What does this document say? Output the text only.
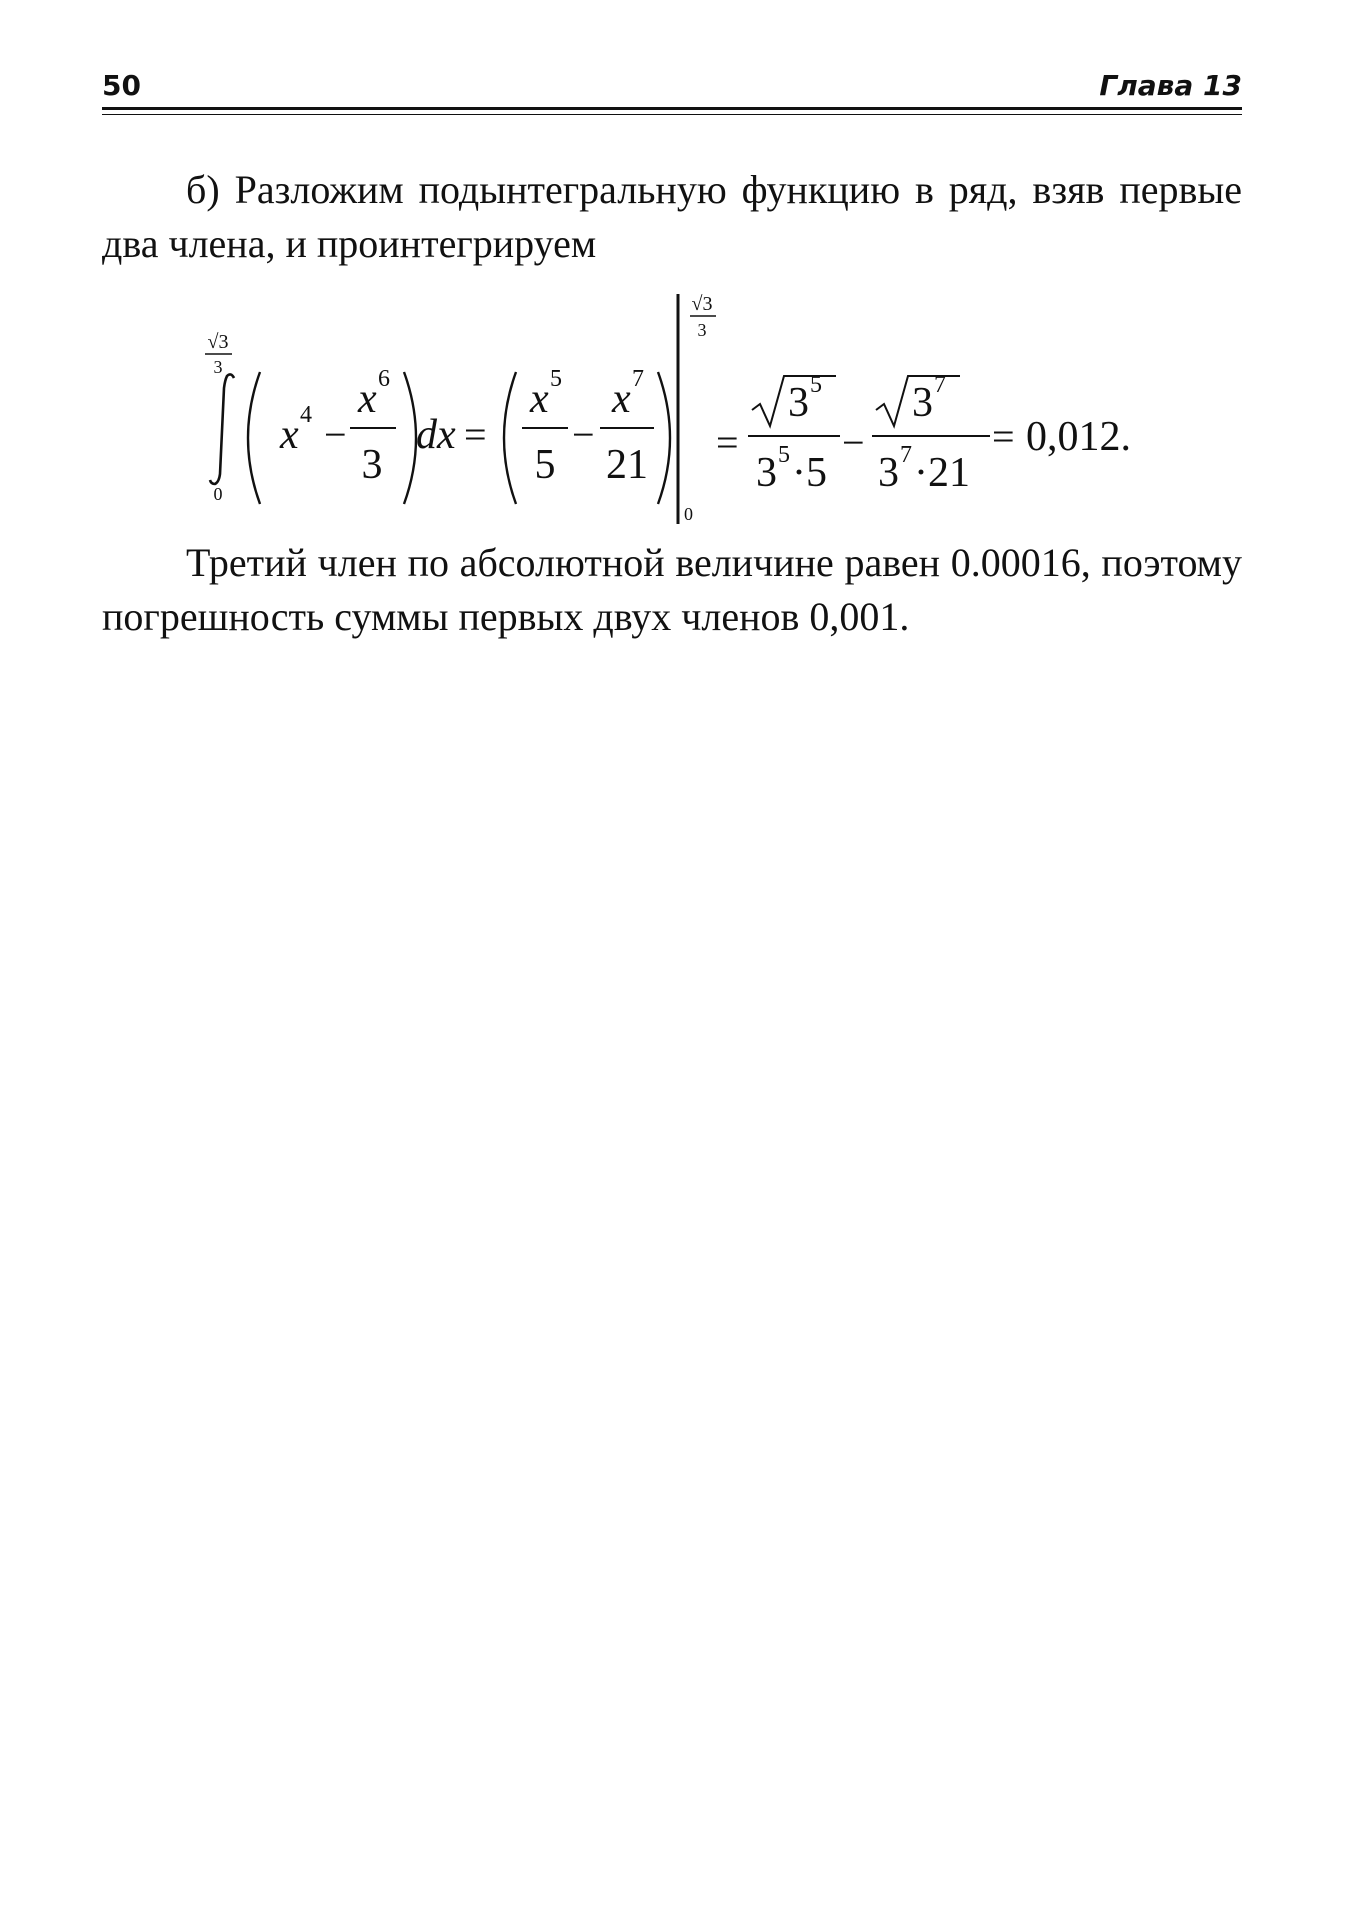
50	Глава 13

б) Разложим подынтегральную функцию в ряд, взяв первые два члена, и проинтегрируем

√3
3
0
x 4 −
x 6
3
dx =
x 5
5
−
x 7
21
√3
3
0
=
3 5
3 5 ·5
−
3 7
3 7 ·21
= 0,012.

Третий член по абсолютной величине равен 0.00016, поэтому погрешность суммы первых двух членов 0,001.
